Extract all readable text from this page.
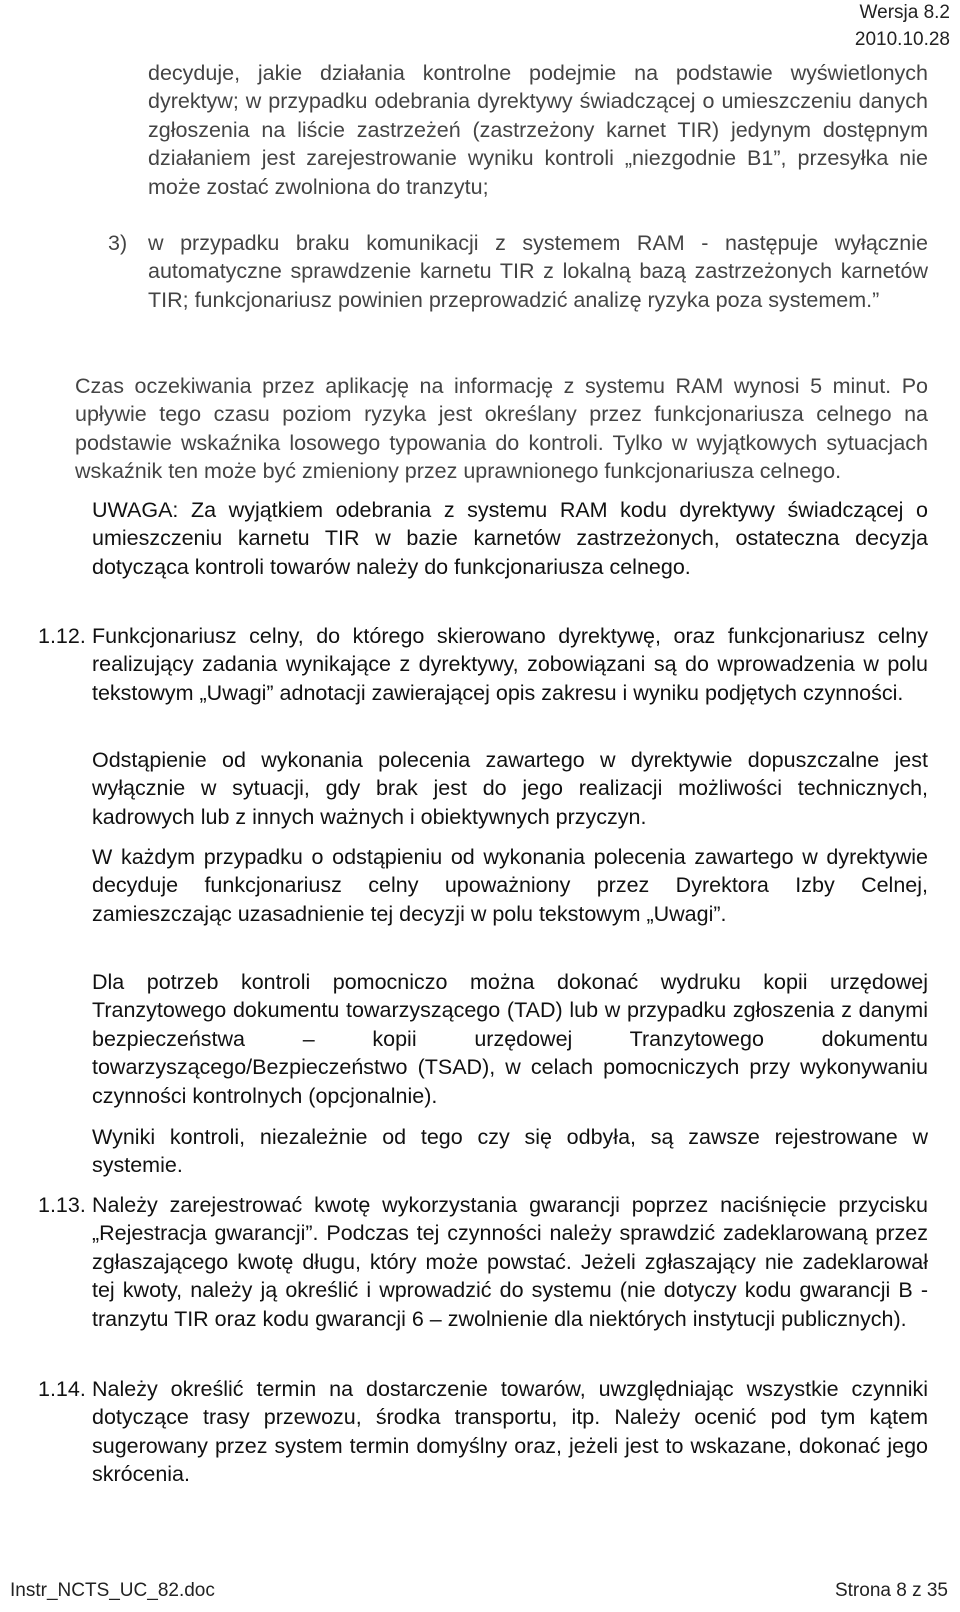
Wersja 8.2
2010.10.28

decyduje, jakie działania kontrolne podejmie na podstawie wyświetlonych dyrektyw; w przypadku odebrania dyrektywy świadczącej o umieszczeniu danych zgłoszenia na liście zastrzeżeń (zastrzeżony karnet TIR) jedynym dostępnym działaniem jest zarejestrowanie wyniku kontroli „niezgodnie B1”, przesyłka nie może zostać zwolniona do tranzytu;

3) w przypadku braku komunikacji z systemem RAM - następuje wyłącznie automatyczne sprawdzenie karnetu TIR z lokalną bazą zastrzeżonych karnetów TIR; funkcjonariusz powinien przeprowadzić analizę ryzyka poza systemem.”

Czas oczekiwania przez aplikację na informację z systemu RAM wynosi 5 minut. Po upływie tego czasu poziom ryzyka jest określany przez funkcjonariusza celnego na podstawie wskaźnika losowego typowania do kontroli. Tylko w wyjątkowych sytuacjach wskaźnik ten może być zmieniony przez uprawnionego funkcjonariusza celnego.

UWAGA: Za wyjątkiem odebrania z systemu RAM kodu dyrektywy świadczącej o umieszczeniu karnetu TIR w bazie karnetów zastrzeżonych, ostateczna decyzja dotycząca kontroli towarów należy do funkcjonariusza celnego.

1.12. Funkcjonariusz celny, do którego skierowano dyrektywę, oraz funkcjonariusz celny realizujący zadania wynikające z dyrektywy, zobowiązani są do wprowadzenia w polu tekstowym „Uwagi” adnotacji zawierającej opis zakresu i wyniku podjętych czynności.

Odstąpienie od wykonania polecenia zawartego w dyrektywie dopuszczalne jest wyłącznie w sytuacji, gdy brak jest do jego realizacji możliwości technicznych, kadrowych lub z innych ważnych i obiektywnych przyczyn.

W każdym przypadku o odstąpieniu od wykonania polecenia zawartego w dyrektywie decyduje funkcjonariusz celny upoważniony przez Dyrektora Izby Celnej, zamieszczając uzasadnienie tej decyzji w polu tekstowym „Uwagi”.

Dla potrzeb kontroli pomocniczo można dokonać wydruku kopii urzędowej Tranzytowego dokumentu towarzyszącego (TAD) lub w przypadku zgłoszenia z danymi bezpieczeństwa – kopii urzędowej Tranzytowego dokumentu towarzyszącego/Bezpieczeństwo (TSAD), w celach pomocniczych przy wykonywaniu czynności kontrolnych (opcjonalnie).

Wyniki kontroli, niezależnie od tego czy się odbyła, są zawsze rejestrowane w systemie.

1.13. Należy zarejestrować kwotę wykorzystania gwarancji poprzez naciśnięcie przycisku „Rejestracja gwarancji”. Podczas tej czynności należy sprawdzić zadeklarowaną przez zgłaszającego kwotę długu, który może powstać. Jeżeli zgłaszający nie zadeklarował tej kwoty, należy ją określić i wprowadzić do systemu (nie dotyczy kodu gwarancji B - tranzytu TIR oraz kodu gwarancji 6 – zwolnienie dla niektórych instytucji publicznych).

1.14. Należy określić termin na dostarczenie towarów, uwzględniając wszystkie czynniki dotyczące trasy przewozu, środka transportu, itp. Należy ocenić pod tym kątem sugerowany przez system termin domyślny oraz, jeżeli jest to wskazane, dokonać jego skrócenia.

Instr_NCTS_UC_82.doc	Strona 8 z 35
